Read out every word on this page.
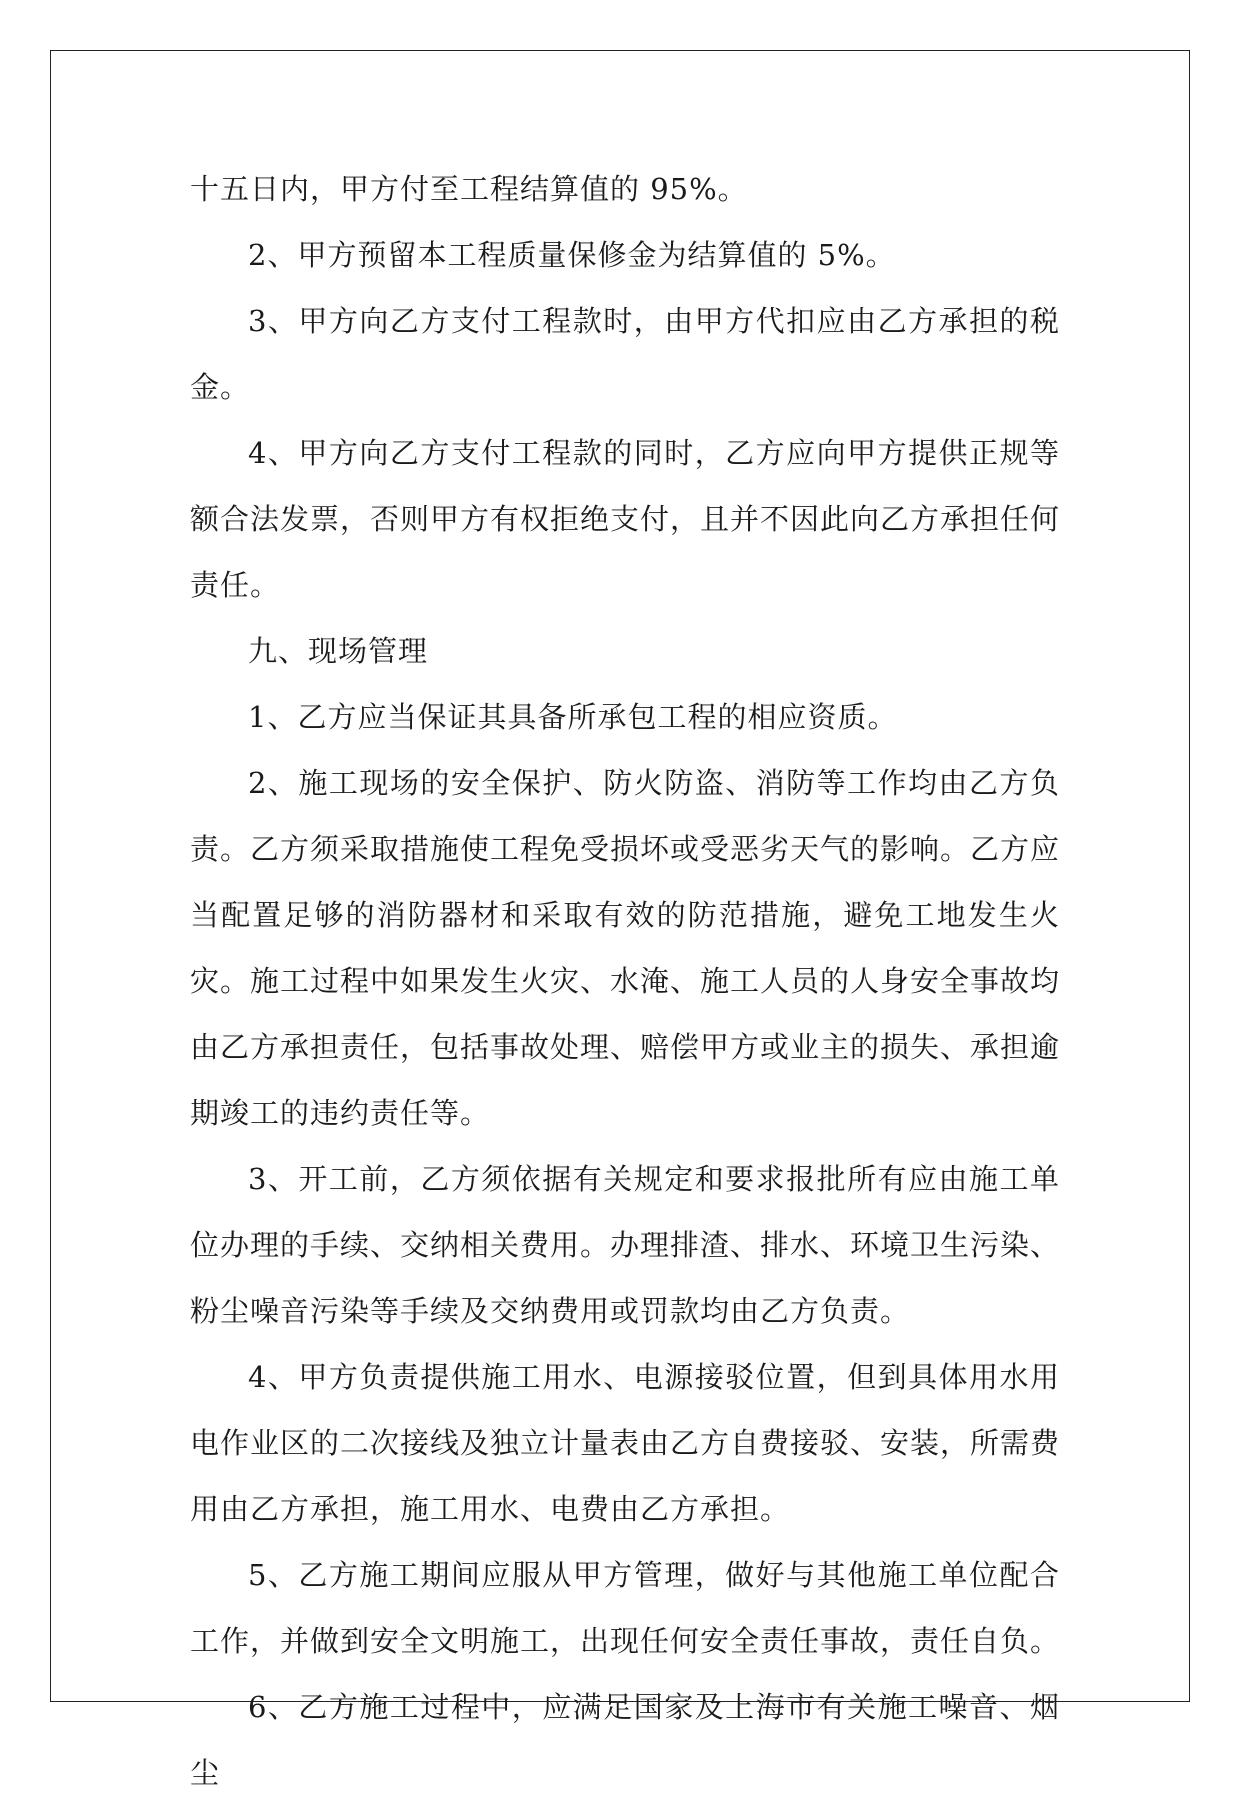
十五日内，甲方付至工程结算值的 95%。

2、甲方预留本工程质量保修金为结算值的 5%。

3、甲方向乙方支付工程款时，由甲方代扣应由乙方承担的税金。

4、甲方向乙方支付工程款的同时，乙方应向甲方提供正规等额合法发票，否则甲方有权拒绝支付，且并不因此向乙方承担任何责任。

九、现场管理

1、乙方应当保证其具备所承包工程的相应资质。

2、施工现场的安全保护、防火防盗、消防等工作均由乙方负责。乙方须采取措施使工程免受损坏或受恶劣天气的影响。乙方应当配置足够的消防器材和采取有效的防范措施，避免工地发生火灾。施工过程中如果发生火灾、水淹、施工人员的人身安全事故均由乙方承担责任，包括事故处理、赔偿甲方或业主的损失、承担逾期竣工的违约责任等。

3、开工前，乙方须依据有关规定和要求报批所有应由施工单位办理的手续、交纳相关费用。办理排渣、排水、环境卫生污染、粉尘噪音污染等手续及交纳费用或罚款均由乙方负责。

4、甲方负责提供施工用水、电源接驳位置，但到具体用水用电作业区的二次接线及独立计量表由乙方自费接驳、安装，所需费用由乙方承担，施工用水、电费由乙方承担。

5、乙方施工期间应服从甲方管理，做好与其他施工单位配合工作，并做到安全文明施工，出现任何安全责任事故，责任自负。

6、乙方施工过程中，应满足国家及上海市有关施工噪音、烟尘
